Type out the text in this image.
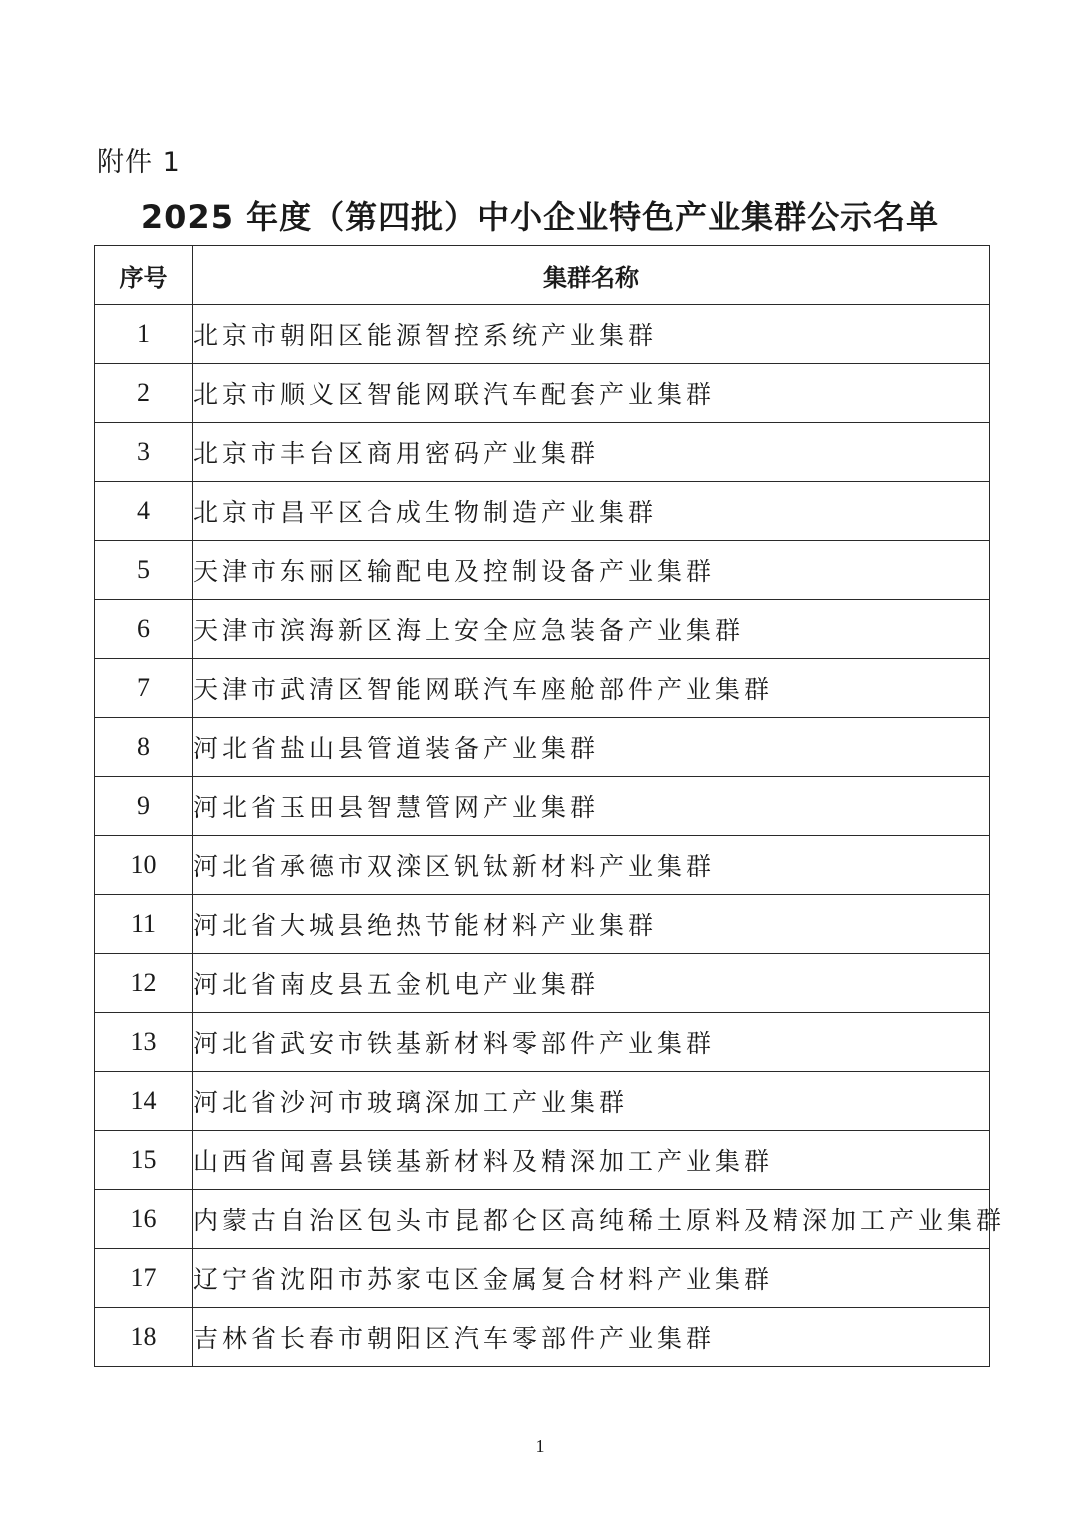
附件 1
2025 年度（第四批）中小企业特色产业集群公示名单
序号	集群名称
1	北京市朝阳区能源智控系统产业集群
2	北京市顺义区智能网联汽车配套产业集群
3	北京市丰台区商用密码产业集群
4	北京市昌平区合成生物制造产业集群
5	天津市东丽区输配电及控制设备产业集群
6	天津市滨海新区海上安全应急装备产业集群
7	天津市武清区智能网联汽车座舱部件产业集群
8	河北省盐山县管道装备产业集群
9	河北省玉田县智慧管网产业集群
10	河北省承德市双滦区钒钛新材料产业集群
11	河北省大城县绝热节能材料产业集群
12	河北省南皮县五金机电产业集群
13	河北省武安市铁基新材料零部件产业集群
14	河北省沙河市玻璃深加工产业集群
15	山西省闻喜县镁基新材料及精深加工产业集群
16	内蒙古自治区包头市昆都仑区高纯稀土原料及精深加工产业集群
17	辽宁省沈阳市苏家屯区金属复合材料产业集群
18	吉林省长春市朝阳区汽车零部件产业集群
1
